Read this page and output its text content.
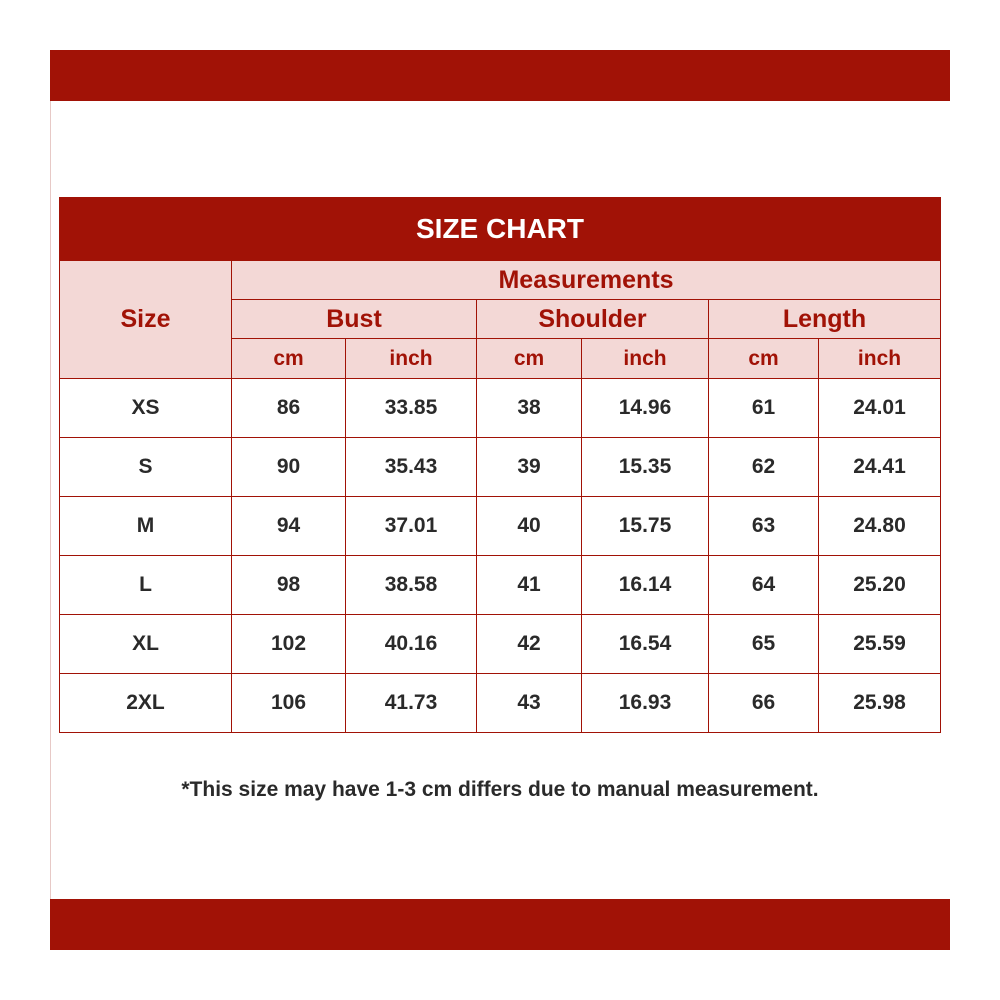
SIZE CHART						
Size	Measurements					
	Bust		Shoulder		Length	
	cm	inch	cm	inch	cm	inch
XS	86	33.85	38	14.96	61	24.01
S	90	35.43	39	15.35	62	24.41
M	94	37.01	40	15.75	63	24.80
L	98	38.58	41	16.14	64	25.20
XL	102	40.16	42	16.54	65	25.59
2XL	106	41.73	43	16.93	66	25.98
*This size may have 1-3 cm differs due to manual measurement.
